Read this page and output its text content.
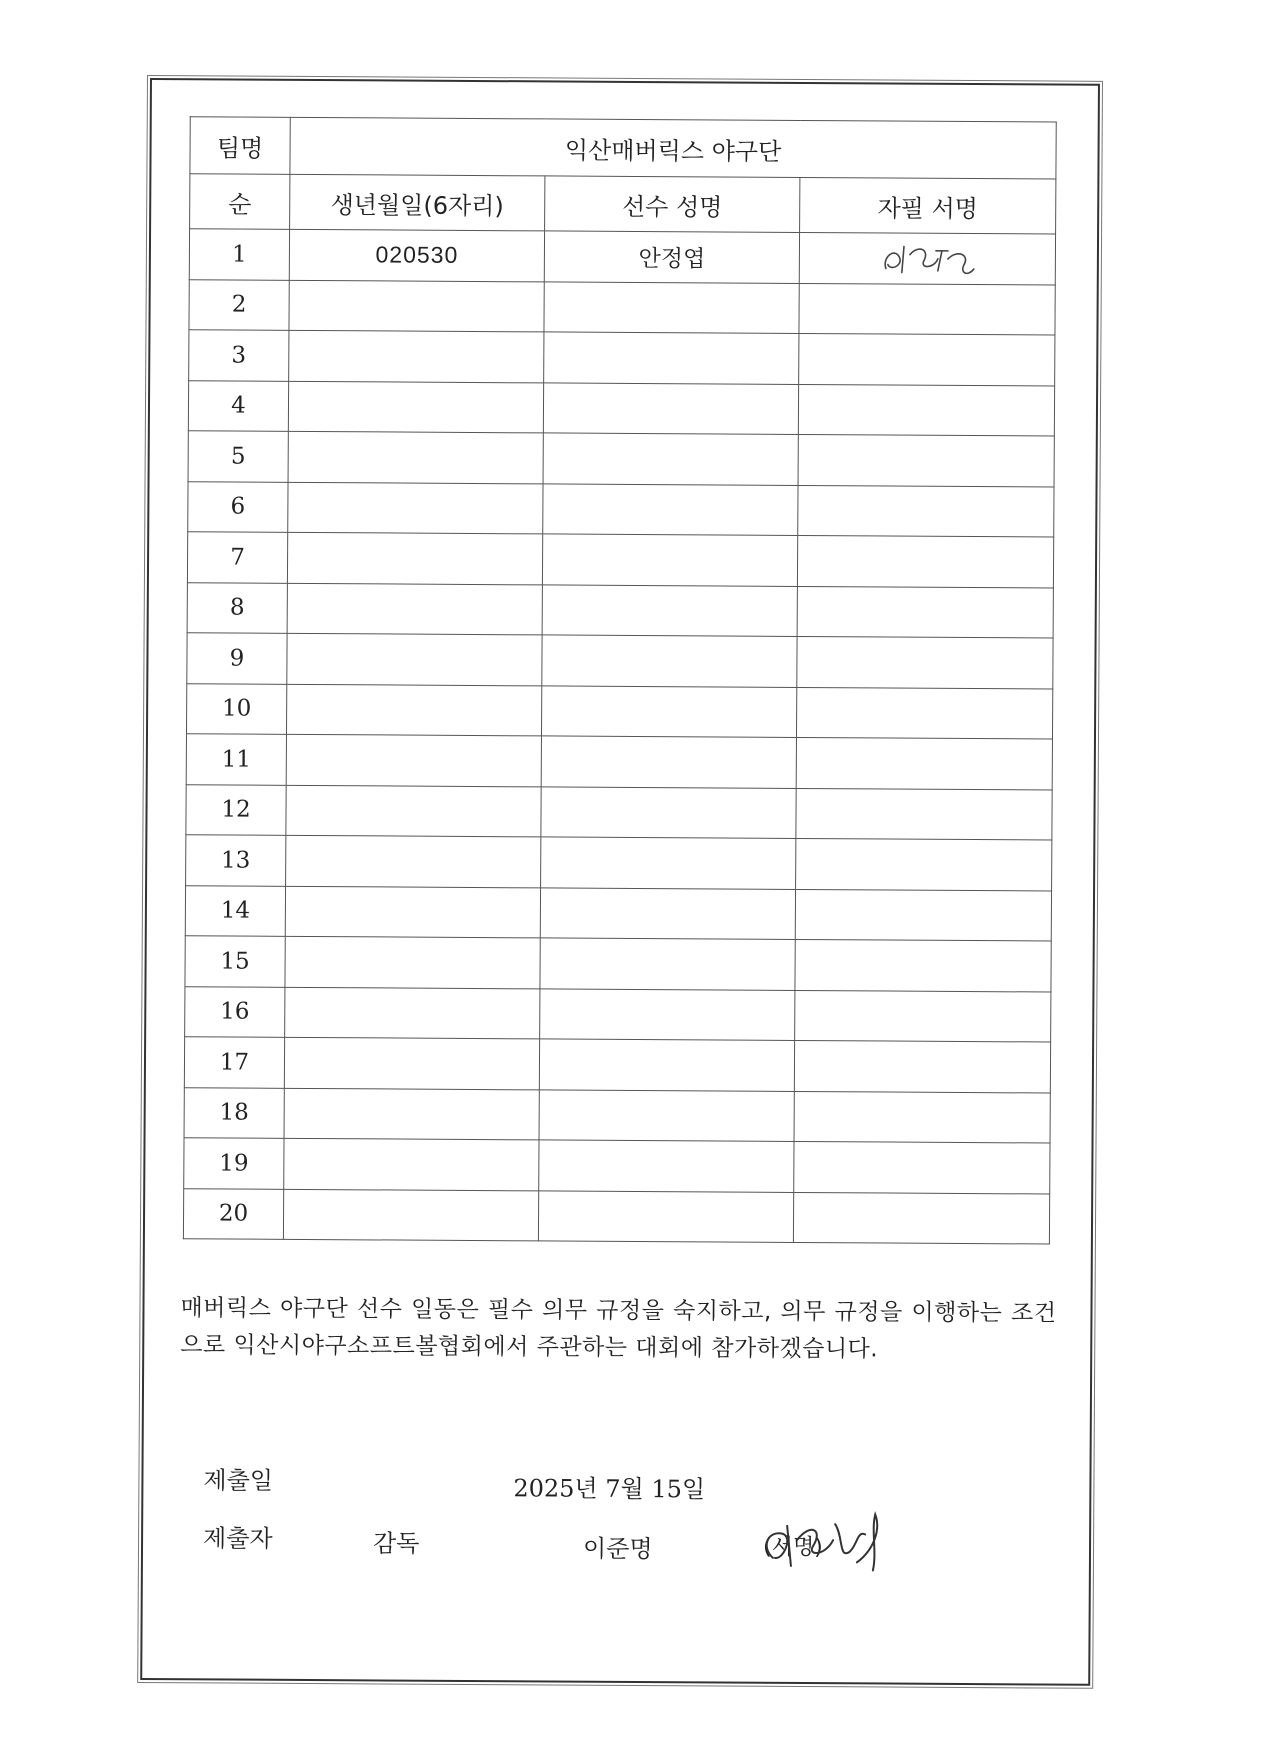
팀명	익산매버릭스 야구단		
순	생년월일(6자리)	선수 성명	자필 서명
1	020530	안정엽	

2			
3			
4			
5			
6			
7			
8			
9			
10			
11			
12			
13			
14			
15			
16			
17			
18			
19			
20			
매버릭스 야구단 선수 일동은 필수 의무 규정을 숙지하고, 의무 규정을 이행하는 조건으로 익산시야구소프트볼협회에서 주관하는 대회에 참가하겠습니다.
제출일	2025년 7월 15일
제출자	감독	이준명	(서명)
